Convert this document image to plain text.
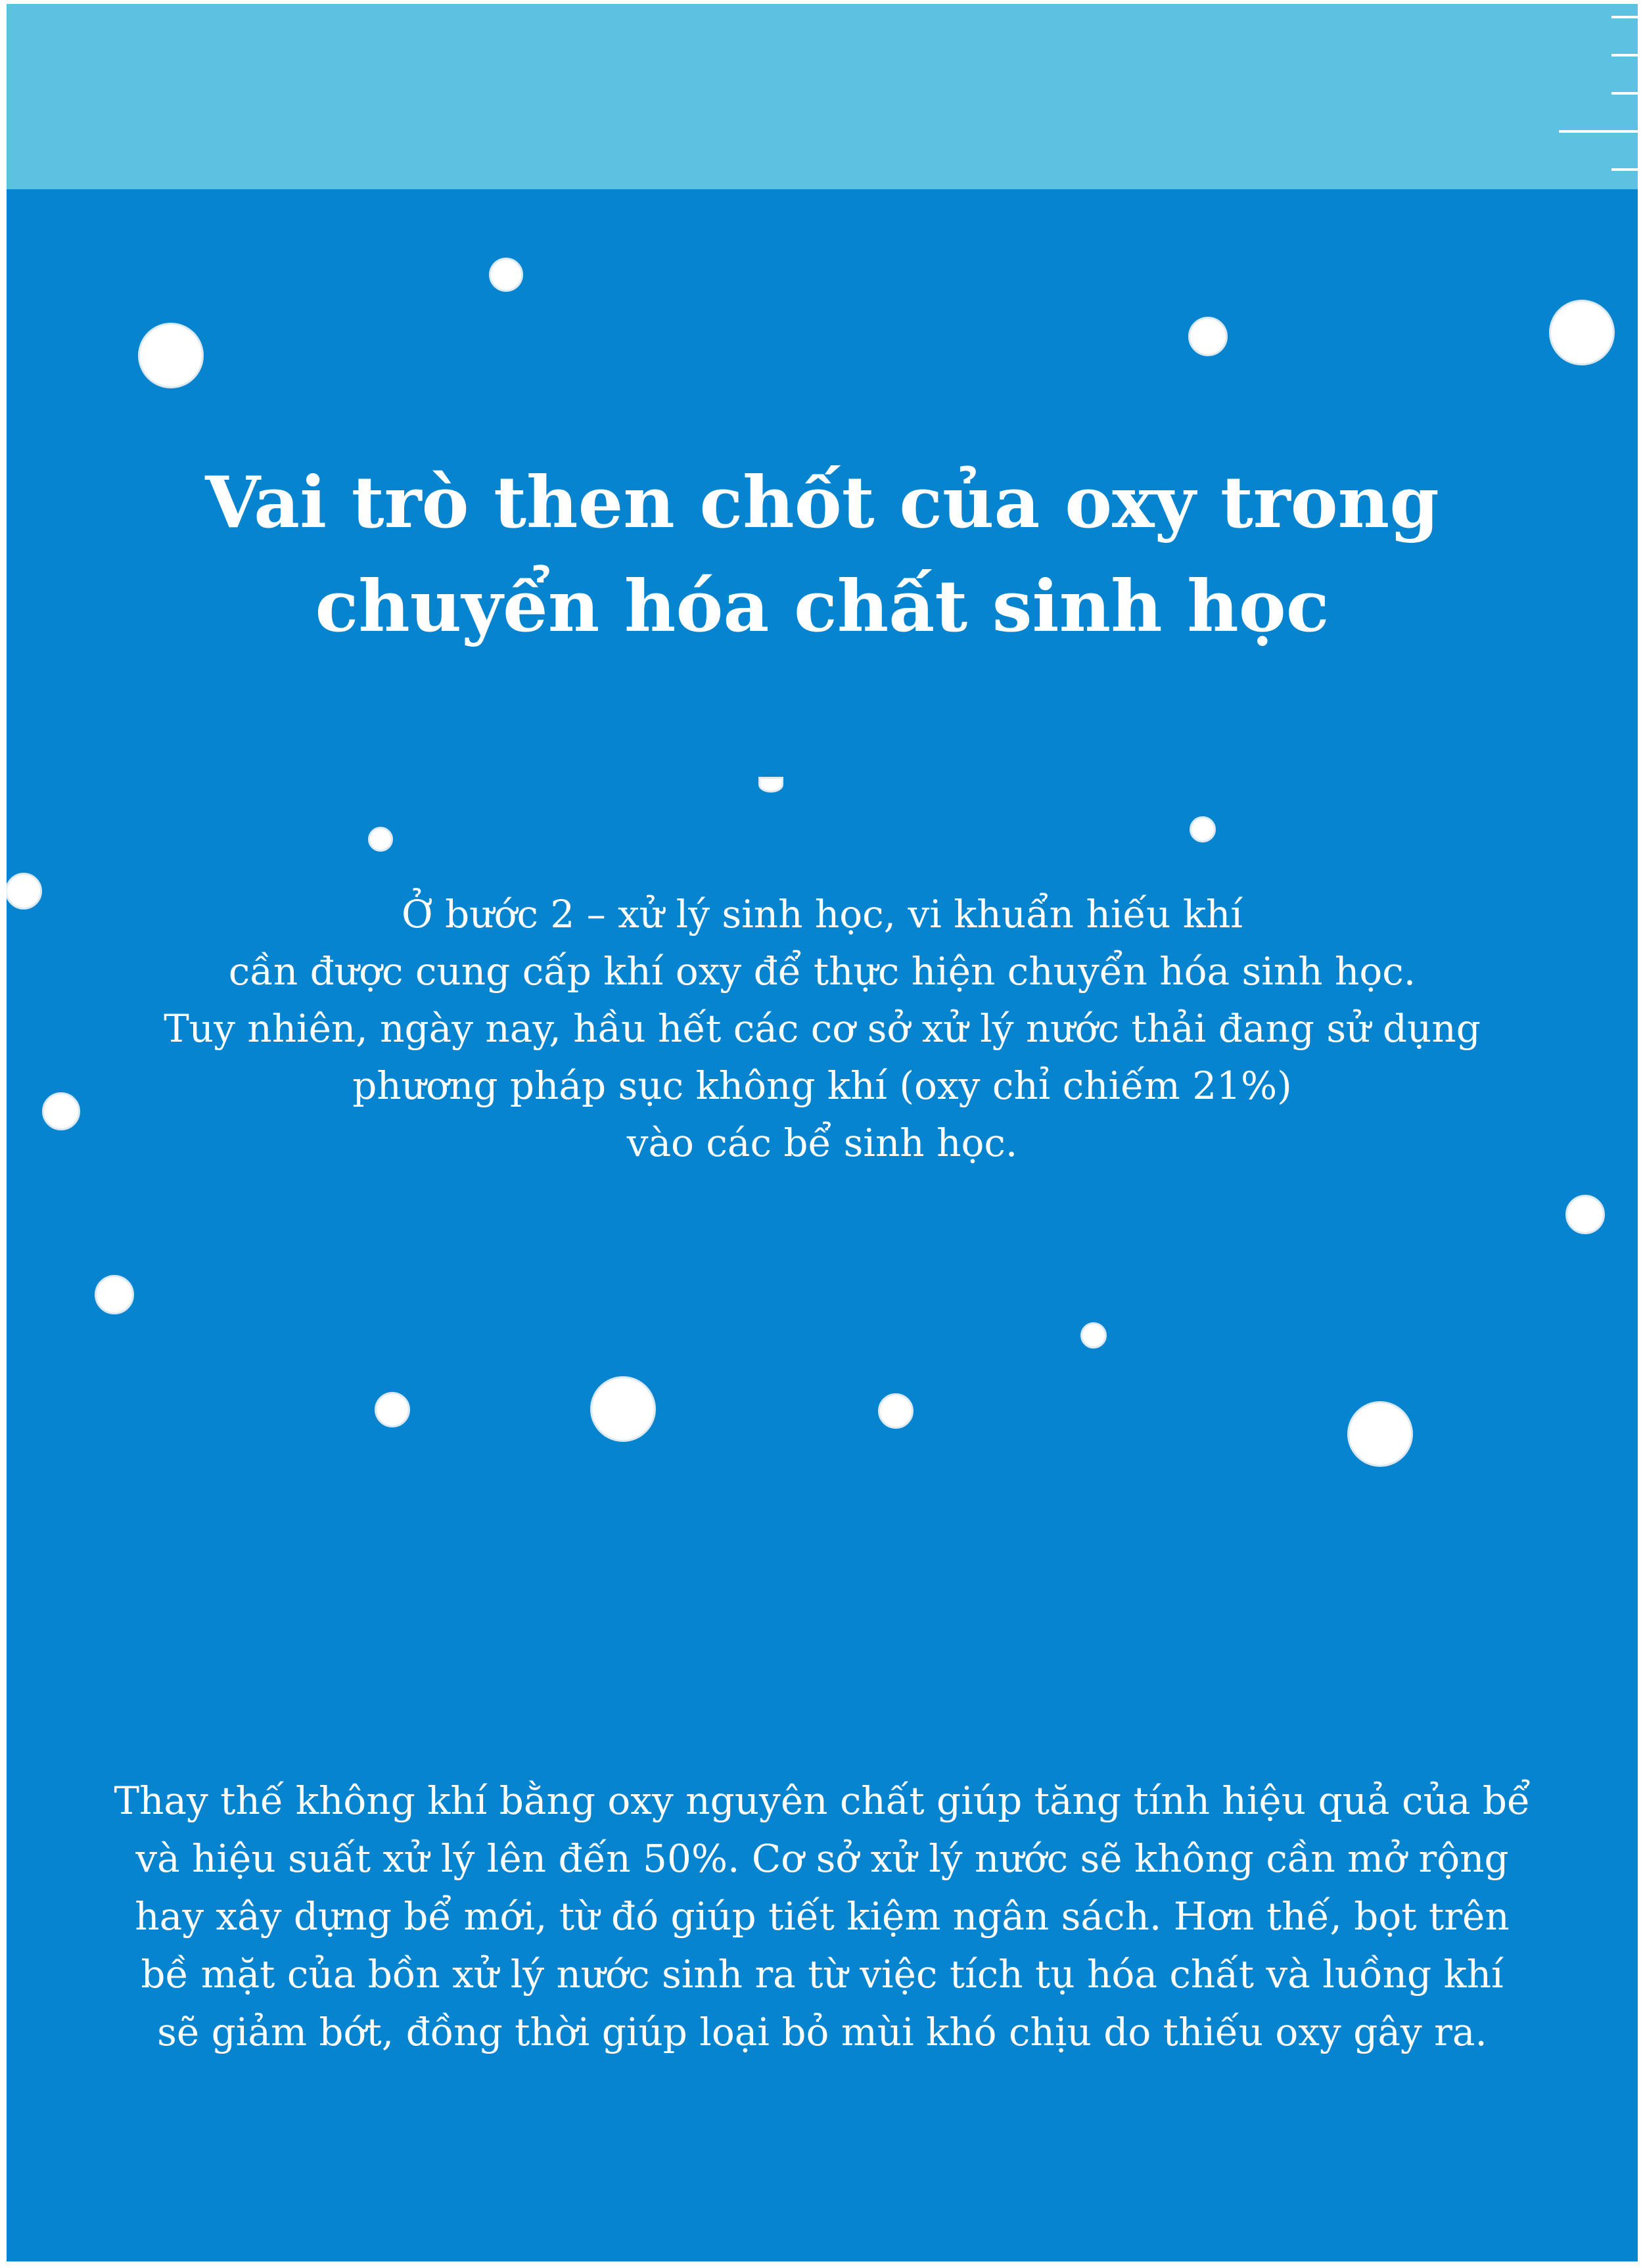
Vai trò then chốt của oxy trong
chuyển hóa chất sinh học
Ở bước 2 – xử lý sinh học, vi khuẩn hiếu khí
cần được cung cấp khí oxy để thực hiện chuyển hóa sinh học.
Tuy nhiên, ngày nay, hầu hết các cơ sở xử lý nước thải đang sử dụng
phương pháp sục không khí (oxy chỉ chiếm 21%)
vào các bể sinh học.
Thay thế không khí bằng oxy nguyên chất giúp tăng tính hiệu quả của bể
và hiệu suất xử lý lên đến 50%. Cơ sở xử lý nước sẽ không cần mở rộng
hay xây dựng bể mới, từ đó giúp tiết kiệm ngân sách. Hơn thế, bọt trên
bề mặt của bồn xử lý nước sinh ra từ việc tích tụ hóa chất và luồng khí
sẽ giảm bớt, đồng thời giúp loại bỏ mùi khó chịu do thiếu oxy gây ra.
